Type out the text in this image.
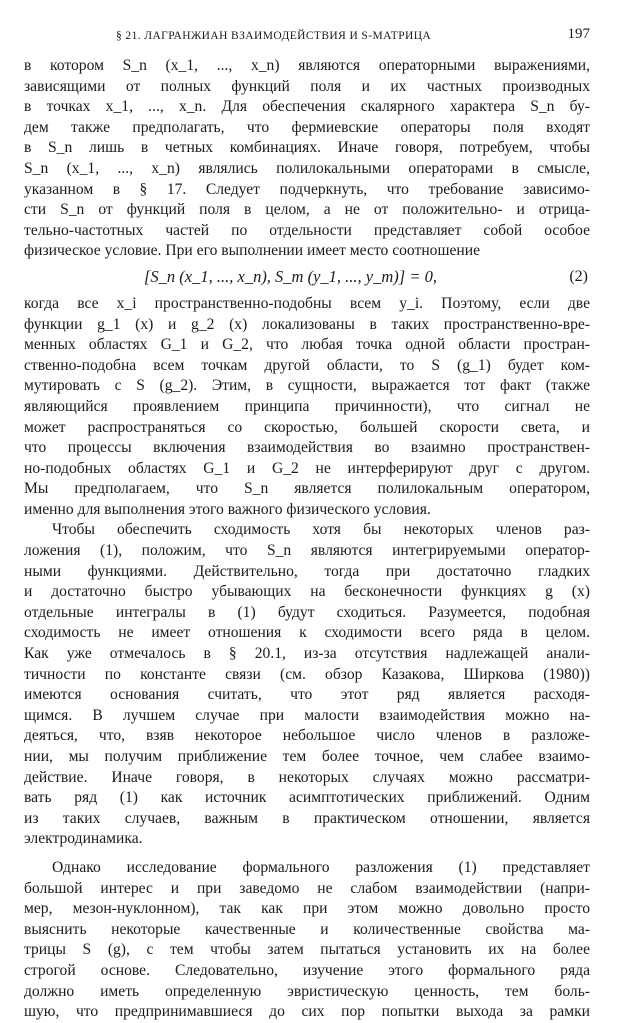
§ 21. ЛАГРАНЖИАН ВЗАИМОДЕЙСТВИЯ И S-МАТРИЦА	197

в котором S_n (x_1, ..., x_n) являются операторными выражениями,
зависящими от полных функций поля и их частных производных
в точках x_1, ..., x_n. Для обеспечения скалярного характера S_n бу-
дем также предполагать, что фермиевские операторы поля входят
в S_n лишь в четных комбинациях. Иначе говоря, потребуем, чтобы
S_n (x_1, ..., x_n) являлись полилокальными операторами в смысле,
указанном в § 17. Следует подчеркнуть, что требование зависимо-
сти S_n от функций поля в целом, а не от положительно- и отрица-
тельно-частотных частей по отдельности представляет собой особое
физическое условие. При его выполнении имеет место соотношение

[S_n (x_1, ..., x_n), S_m (y_1, ..., y_m)] = 0,	(2)

когда все x_i пространственно-подобны всем y_i. Поэтому, если две
функции g_1 (x) и g_2 (x) локализованы в таких пространственно-вре-
менных областях G_1 и G_2, что любая точка одной области простран-
ственно-подобна всем точкам другой области, то S (g_1) будет ком-
мутировать с S (g_2). Этим, в сущности, выражается тот факт (также
являющийся проявлением принципа причинности), что сигнал не
может распространяться со скоростью, большей скорости света, и
что процессы включения взаимодействия во взаимно пространствен-
но-подобных областях G_1 и G_2 не интерферируют друг с другом.
Мы предполагаем, что S_n является полилокальным оператором,
именно для выполнения этого важного физического условия.

Чтобы обеспечить сходимость хотя бы некоторых членов раз-
ложения (1), положим, что S_n являются интегрируемыми оператор-
ными функциями. Действительно, тогда при достаточно гладких
и достаточно быстро убывающих на бесконечности функциях g (x)
отдельные интегралы в (1) будут сходиться. Разумеется, подобная
сходимость не имеет отношения к сходимости всего ряда в целом.
Как уже отмечалось в § 20.1, из-за отсутствия надлежащей анали-
тичности по константе связи (см. обзор Казакова, Ширкова (1980))
имеются основания считать, что этот ряд является расходя-
щимся. В лучшем случае при малости взаимодействия можно на-
деяться, что, взяв некоторое небольшое число членов в разложе-
нии, мы получим приближение тем более точное, чем слабее взаимо-
действие. Иначе говоря, в некоторых случаях можно рассматри-
вать ряд (1) как источник асимптотических приближений. Одним
из таких случаев, важным в практическом отношении, является
электродинамика.

Однако исследование формального разложения (1) представляет
большой интерес и при заведомо не слабом взаимодействии (напри-
мер, мезон-нуклонном), так как при этом можно довольно просто
выяснить некоторые качественные и количественные свойства ма-
трицы S (g), с тем чтобы затем пытаться установить их на более
строгой основе. Следовательно, изучение этого формального ряда
должно иметь определенную эвристическую ценность, тем боль-
шую, что предпринимавшиеся до сих пор попытки выхода за рамки
